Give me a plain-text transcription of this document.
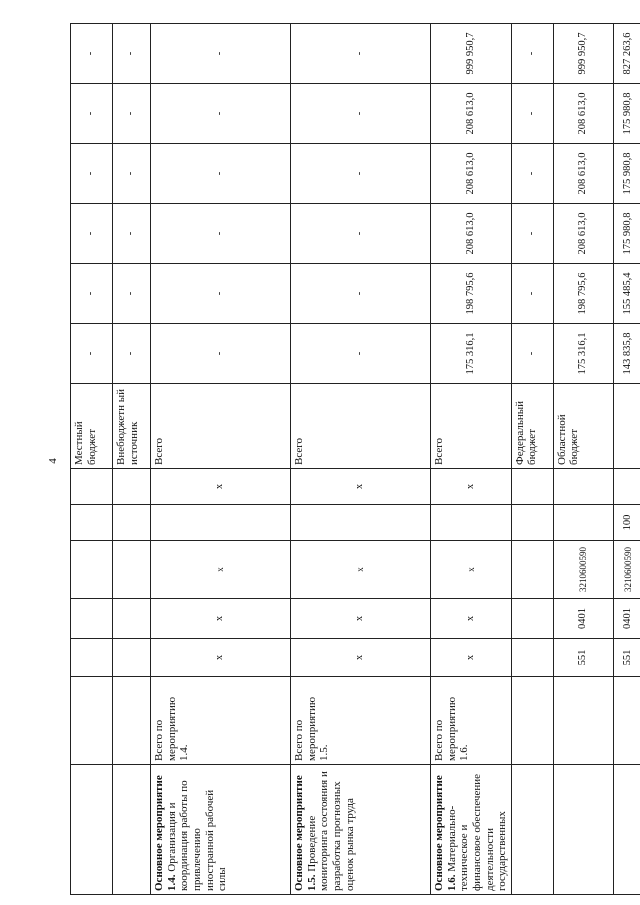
4
							Местный бюджет	-	-	-	-	-	-
							Внебюджетн ый источник	-	-	-	-	-	-
Основное мероприятие 1.4. Организация и координация работы по привлечению иностранной рабочей силы	Всего по мероприятию 1.4.	х	х	х		х	Всего	-	-	-	-	-	-
Основное мероприятие 1.5. Проведение мониторинга состояния и разработка прогнозных оценок рынка труда	Всего по мероприятию 1.5.	х	х	х		х	Всего	-	-	-	-	-	-
Основное мероприятие 1.6. Материально-техническое и финансовое обеспечение деятельности государственных	Всего по мероприятию 1.6.	х	х	х		х	Всего	175 316,1	198 795,6	208 613,0	208 613,0	208 613,0	999 950,7
							Федеральный бюджет	-	-	-	-	-	-
		551	0401	3210600590			Областной бюджет	175 316,1	198 795,6	208 613,0	208 613,0	208 613,0	999 950,7
		551	0401	3210600590	100			143 835,8	155 485,4	175 980,8	175 980,8	175 980,8	827 263,6
